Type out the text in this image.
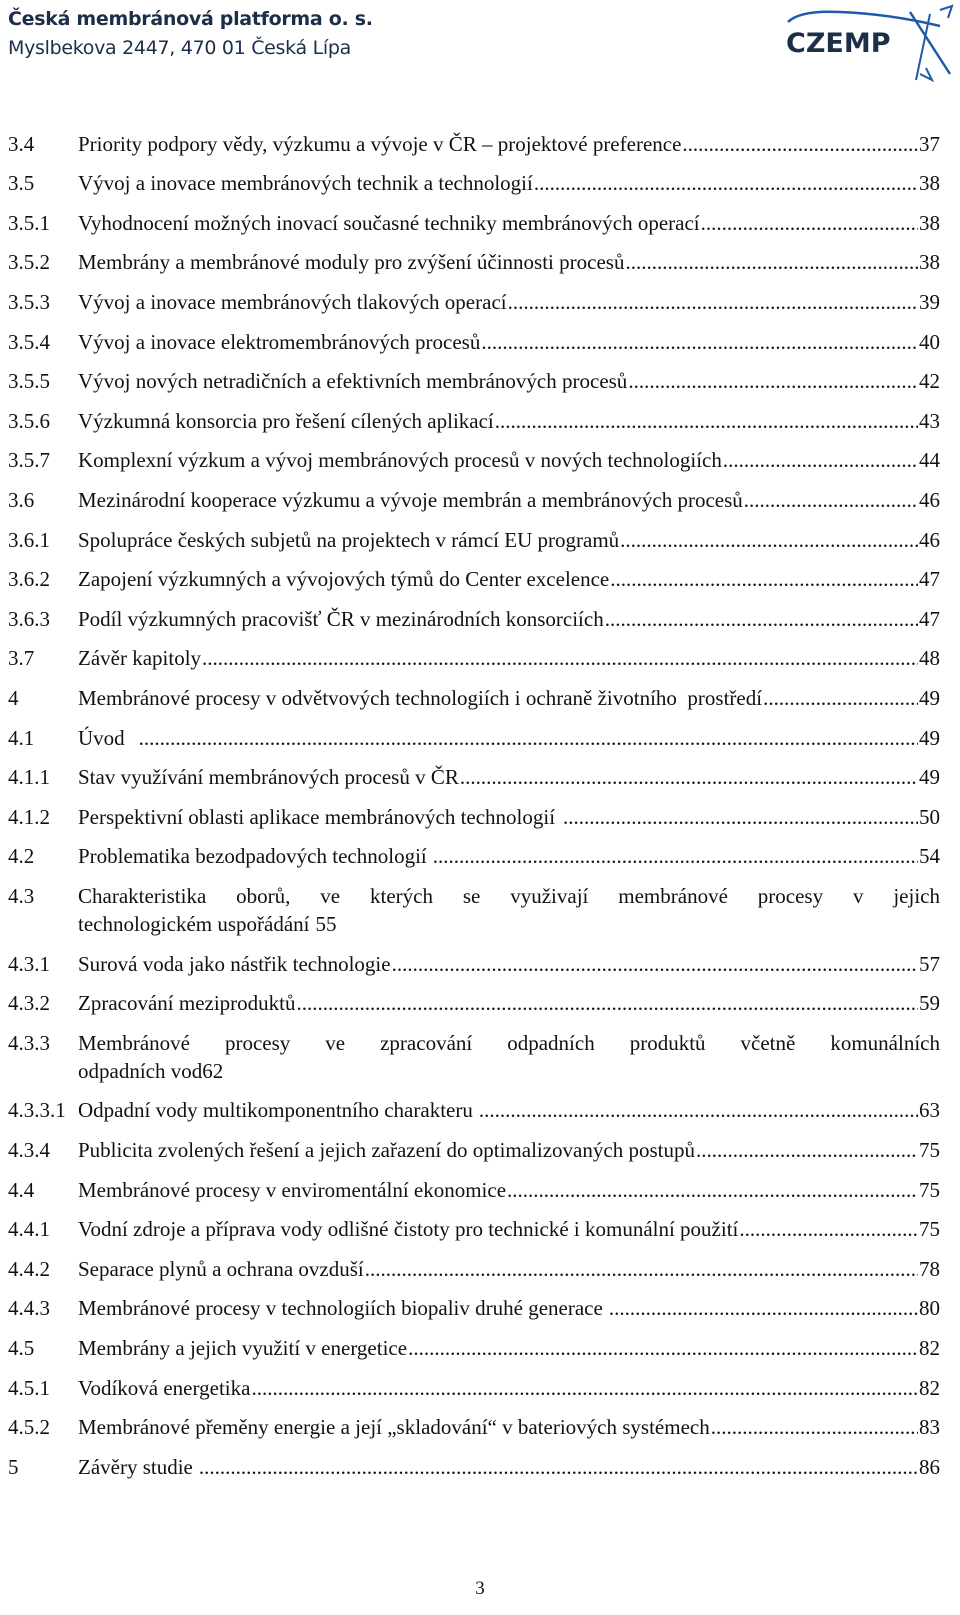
Česká membránová platforma o. s.
Myslbekova 2447, 470 01 Česká Lípa	CZEMP
3.4 Priority podpory vědy, výzkumu a vývoje v ČR – projektové preference .....	37
3.5 Vývoj a inovace membránových technik a technologií .....	38
3.5.1 Vyhodnocení možných inovací současné techniky membránových operací .....	38
3.5.2 Membrány a membránové moduly pro zvýšení účinnosti procesů .....	38
3.5.3 Vývoj a inovace membránových tlakových operací .....	39
3.5.4 Vývoj a inovace elektromembránových procesů .....	40
3.5.5 Vývoj nových netradičních a efektivních membránových procesů .....	42
3.5.6 Výzkumná konsorcia pro řešení cílených aplikací .....	43
3.5.7 Komplexní výzkum a vývoj membránových procesů v nových technologiích .....	44
3.6 Mezinárodní kooperace výzkumu a vývoje membrán a membránových procesů .....	46
3.6.1 Spolupráce českých subjetů na projektech v rámcí EU programů .....	46
3.6.2 Zapojení výzkumných a vývojových týmů do Center excelence .....	47
3.6.3 Podíl výzkumných pracovišť ČR v mezinárodních konsorciích .....	47
3.7 Závěr kapitoly .....	48
4	Membránové procesy v odvětvových technologiích i ochraně životního  prostředí .....	49
4.1 Úvod .....	49
4.1.1 Stav využívání membránových procesů v ČR .....	49
4.1.2 Perspektivní oblasti aplikace membránových technologií .....	50
4.2 Problematika bezodpadových technologií .....	54
4.3 Charakteristika oborů, ve kterých se využivají membránové procesy v jejich
technologickém uspořádání 55
4.3.1 Surová voda jako nástřik technologie .....	57
4.3.2 Zpracování meziproduktů .....	59
4.3.3 Membránové procesy ve zpracování odpadních produktů včetně komunálních
odpadních vod 62
4.3.3.1 Odpadní vody multikomponentního charakteru .....	63
4.3.4 Publicita zvolených řešení a jejich zařazení do optimalizovaných postupů .....	75
4.4 Membránové procesy v enviromentální ekonomice .....	75
4.4.1 Vodní zdroje a příprava vody odlišné čistoty pro technické i komunální použití .....	75
4.4.2 Separace plynů a ochrana ovzduší .....	78
4.4.3 Membránové procesy v technologiích biopaliv druhé generace .....	80
4.5 Membrány a jejich využití v energetice .....	82
4.5.1 Vodíková energetika .....	82
4.5.2 Membránové přeměny energie a její „skladování“ v bateriových systémech .....	83
5	Závěry studie .....	86
3
